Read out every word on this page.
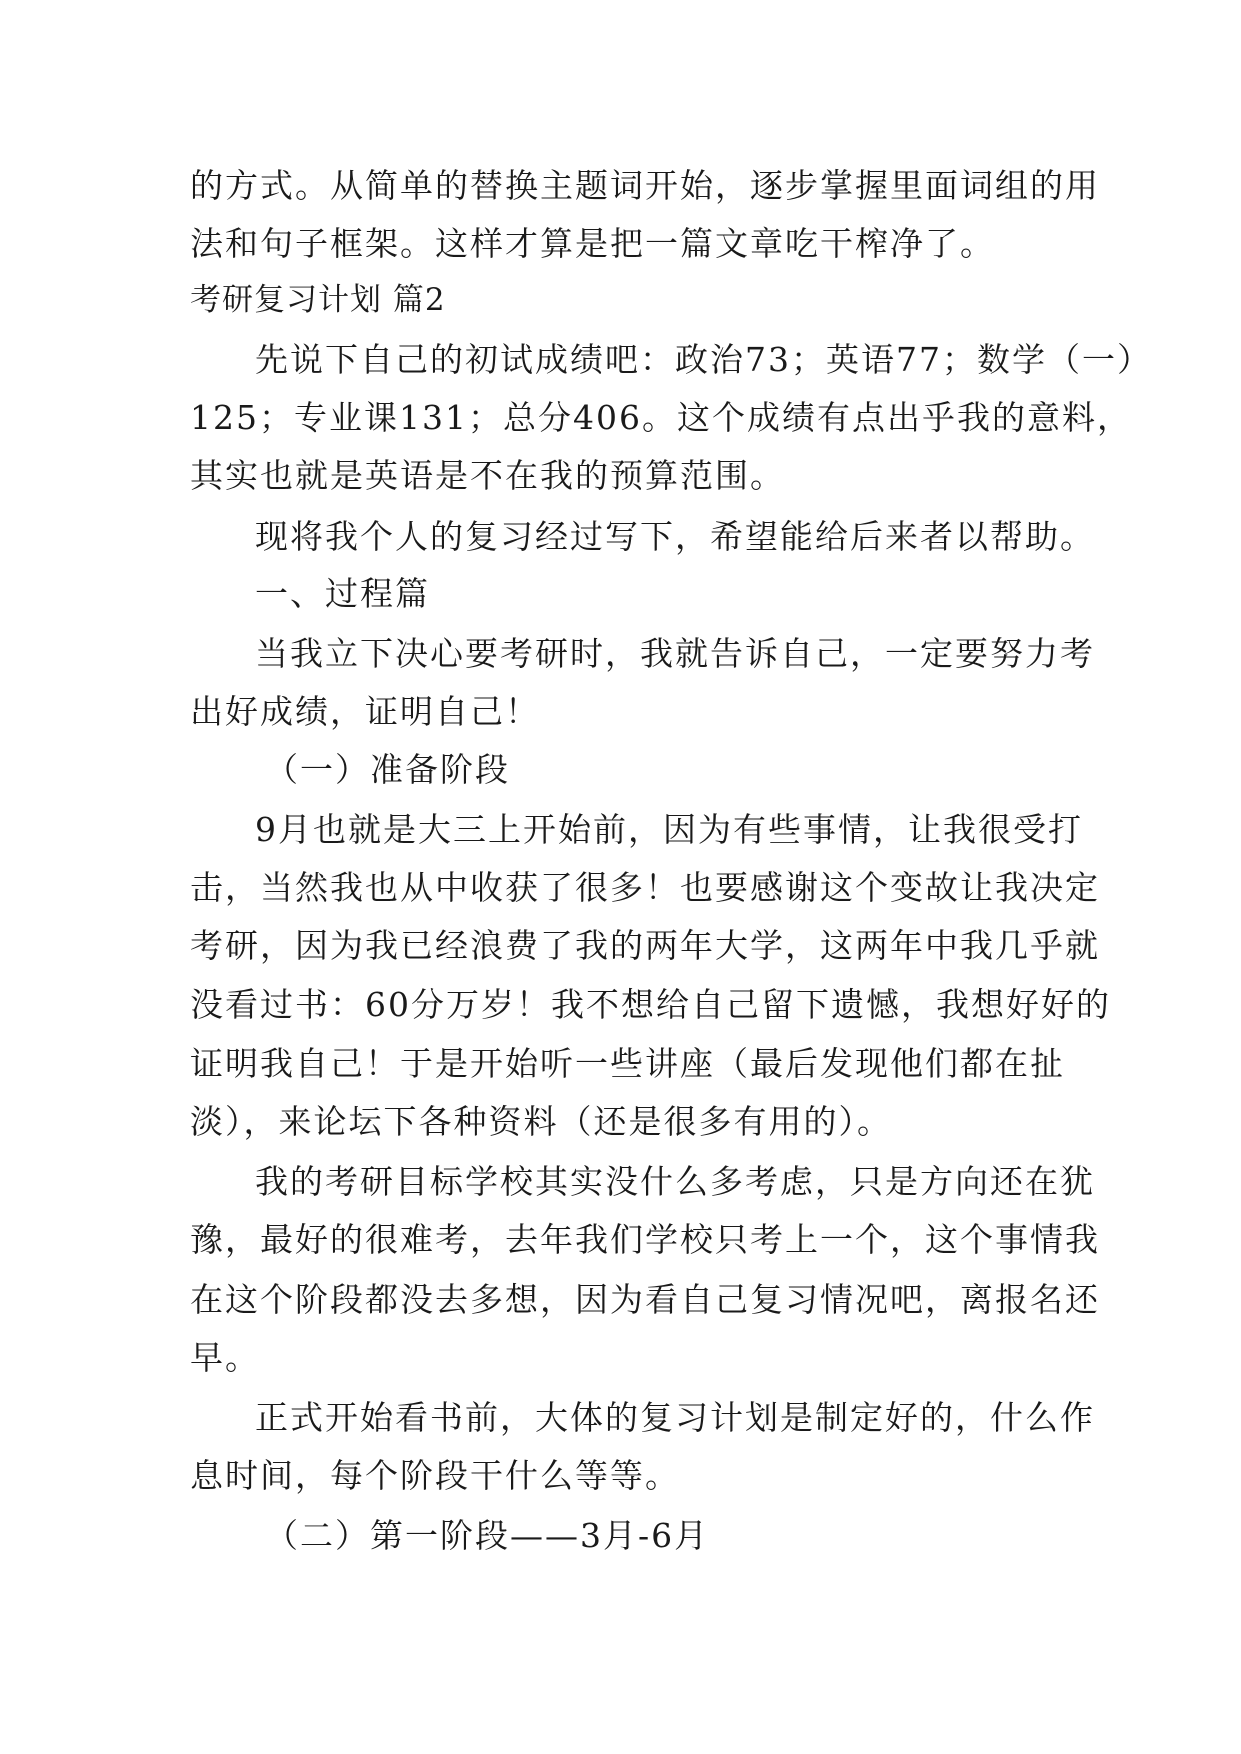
的方式。从简单的替换主题词开始，逐步掌握里面词组的用
法和句子框架。这样才算是把一篇文章吃干榨净了。
考研复习计划 篇2
先说下自己的初试成绩吧：政治73；英语77；数学（一）
125；专业课131；总分406。这个成绩有点出乎我的意料，
其实也就是英语是不在我的预算范围。
现将我个人的复习经过写下，希望能给后来者以帮助。
一、过程篇
当我立下决心要考研时，我就告诉自己，一定要努力考
出好成绩，证明自己！
（一）准备阶段
9月也就是大三上开始前，因为有些事情，让我很受打
击，当然我也从中收获了很多！也要感谢这个变故让我决定
考研，因为我已经浪费了我的两年大学，这两年中我几乎就
没看过书：60分万岁！我不想给自己留下遗憾，我想好好的
证明我自己！于是开始听一些讲座（最后发现他们都在扯
淡），来论坛下各种资料（还是很多有用的）。
我的考研目标学校其实没什么多考虑，只是方向还在犹
豫，最好的很难考，去年我们学校只考上一个，这个事情我
在这个阶段都没去多想，因为看自己复习情况吧，离报名还
早。
正式开始看书前，大体的复习计划是制定好的，什么作
息时间，每个阶段干什么等等。
（二）第一阶段——3月-6月
